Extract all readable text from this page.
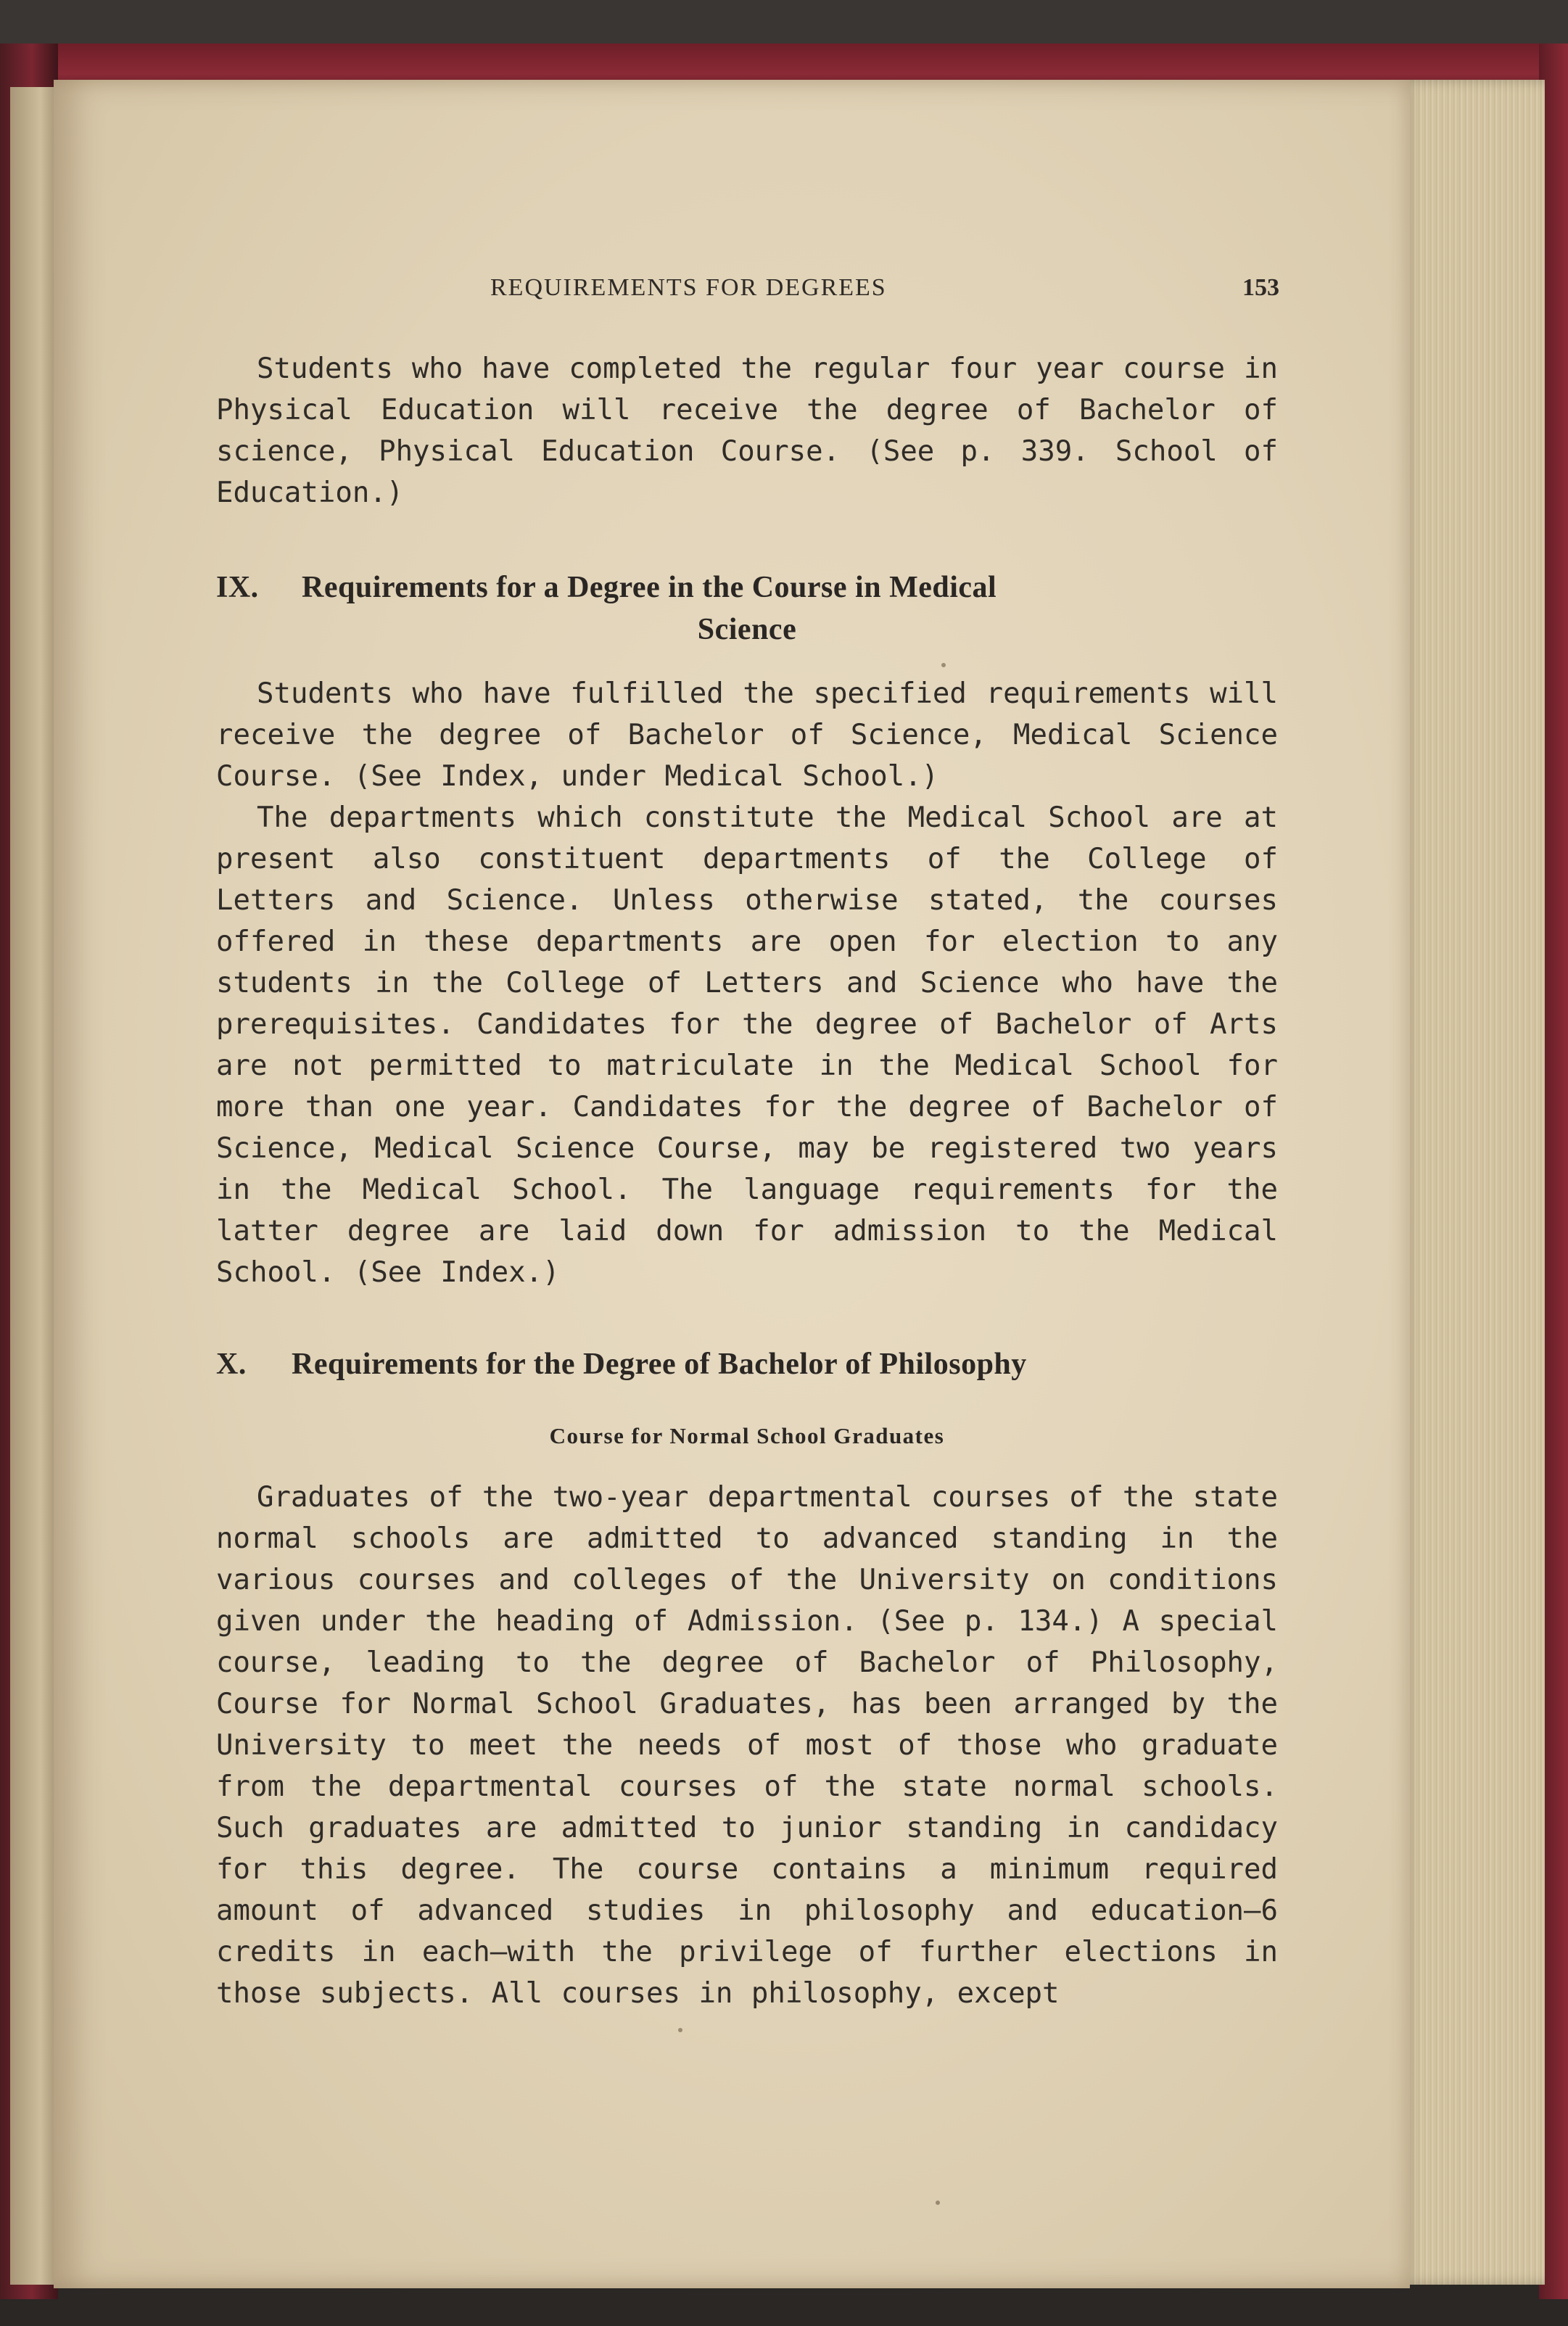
REQUIREMENTS FOR DEGREES	153

Students who have completed the regular four year course in Physical Education will receive the degree of Bachelor of science, Physical Education Course. (See p. 339. School of Education.)

IX. Requirements for a Degree in the Course in Medical
Science

Students who have fulfilled the specified requirements will receive the degree of Bachelor of Science, Medical Science Course. (See Index, under Medical School.)

The departments which constitute the Medical School are at present also constituent departments of the College of Letters and Science. Unless otherwise stated, the courses offered in these departments are open for election to any students in the College of Letters and Science who have the prerequisites. Candidates for the degree of Bachelor of Arts are not permitted to matriculate in the Medical School for more than one year. Candidates for the degree of Bachelor of Science, Medical Science Course, may be registered two years in the Medical School. The language requirements for the latter degree are laid down for admission to the Medical School. (See Index.)

X. Requirements for the Degree of Bachelor of Philosophy
Course for Normal School Graduates

Graduates of the two-year departmental courses of the state normal schools are admitted to advanced standing in the various courses and colleges of the University on conditions given under the heading of Admission. (See p. 134.) A special course, leading to the degree of Bachelor of Philosophy, Course for Normal School Graduates, has been arranged by the University to meet the needs of most of those who graduate from the departmental courses of the state normal schools. Such graduates are admitted to junior standing in candidacy for this degree. The course contains a minimum required amount of advanced studies in philosophy and education—6 credits in each—with the privilege of further elections in those subjects. All courses in philosophy, except
